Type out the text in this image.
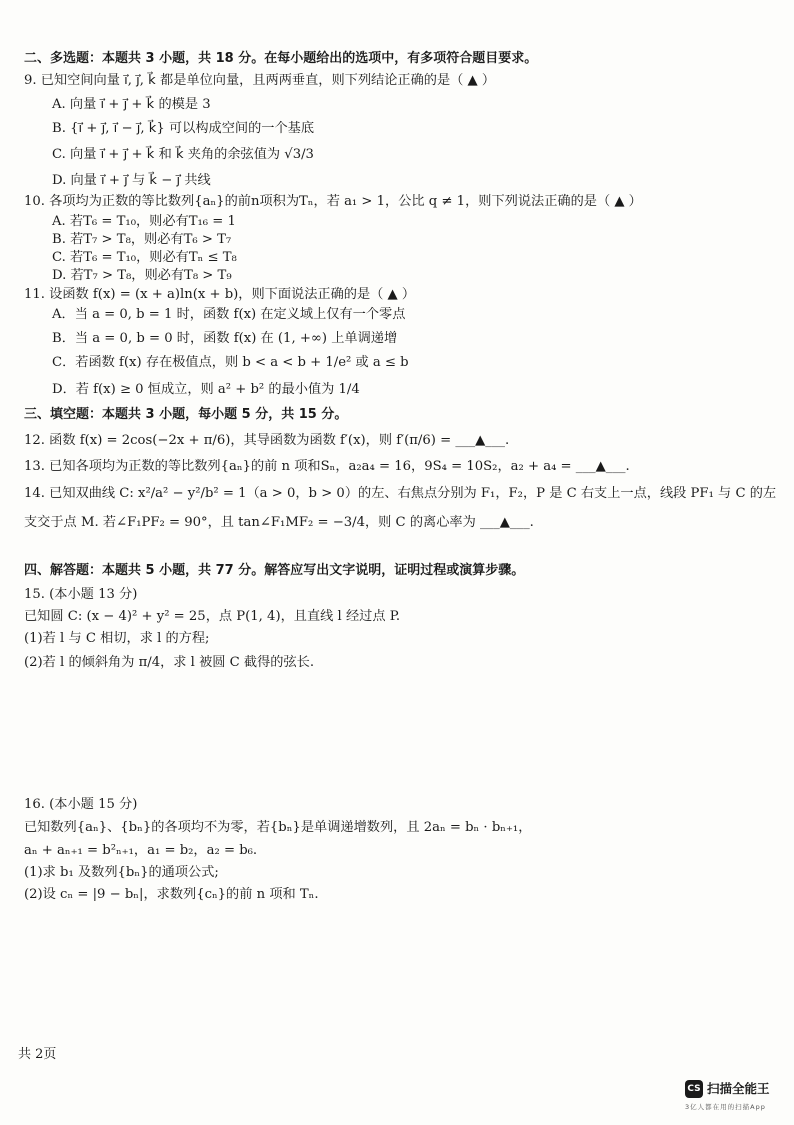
二、多选题：本题共 3 小题，共 18 分。在每小题给出的选项中，有多项符合题目要求。
9. 已知空间向量 i⃗, j⃗, k⃗ 都是单位向量，且两两垂直，则下列结论正确的是（ ▲ ）
A. 向量 i⃗ + j⃗ + k⃗ 的模是 3
B. {i⃗ + j⃗, i⃗ − j⃗, k⃗} 可以构成空间的一个基底
C. 向量 i⃗ + j⃗ + k⃗ 和 k⃗ 夹角的余弦值为 √3/3
D. 向量 i⃗ + j⃗ 与 k⃗ − j⃗ 共线
10. 各项均为正数的等比数列{aₙ}的前n项积为Tₙ，若 a₁ > 1，公比 q ≠ 1，则下列说法正确的是（ ▲ ）
A. 若T₆ = T₁₀，则必有T₁₆ = 1
B. 若T₇ > T₈，则必有T₆ > T₇
C. 若T₆ = T₁₀，则必有Tₙ ≤ T₈
D. 若T₇ > T₈，则必有T₈ > T₉
11. 设函数 f(x) = (x + a)ln(x + b)，则下面说法正确的是（ ▲ ）
A．当 a = 0, b = 1 时，函数 f(x) 在定义域上仅有一个零点
B．当 a = 0, b = 0 时，函数 f(x) 在 (1, +∞) 上单调递增
C．若函数 f(x) 存在极值点，则 b < a < b + 1/e² 或 a ≤ b
D．若 f(x) ≥ 0 恒成立，则 a² + b² 的最小值为 1/4
三、填空题：本题共 3 小题，每小题 5 分，共 15 分。
12. 函数 f(x) = 2cos(−2x + π/6)，其导函数为函数 f′(x)，则 f′(π/6) = ___▲___.
13. 已知各项均为正数的等比数列{aₙ}的前 n 项和Sₙ，a₂a₄ = 16，9S₄ = 10S₂，a₂ + a₄ = ___▲___.
14. 已知双曲线 C: x²/a² − y²/b² = 1（a > 0，b > 0）的左、右焦点分别为 F₁，F₂，P 是 C 右支上一点，线段 PF₁ 与 C 的左
支交于点 M. 若∠F₁PF₂ = 90°，且 tan∠F₁MF₂ = −3/4，则 C 的离心率为 ___▲___.
四、解答题：本题共 5 小题，共 77 分。解答应写出文字说明，证明过程或演算步骤。
15. (本小题 13 分)
已知圆 C: (x − 4)² + y² = 25，点 P(1, 4)，且直线 l 经过点 P.
(1)若 l 与 C 相切，求 l 的方程;
(2)若 l 的倾斜角为 π/4，求 l 被圆 C 截得的弦长.
16. (本小题 15 分)
已知数列{aₙ}、{bₙ}的各项均不为零，若{bₙ}是单调递增数列，且 2aₙ = bₙ · bₙ₊₁，
aₙ + aₙ₊₁ = b²ₙ₊₁，a₁ = b₂，a₂ = b₆.
(1)求 b₁ 及数列{bₙ}的通项公式;
(2)设 cₙ = |9 − bₙ|，求数列{cₙ}的前 n 项和 Tₙ.
共 2页
CS 扫描全能王
3亿人都在用的扫描App
